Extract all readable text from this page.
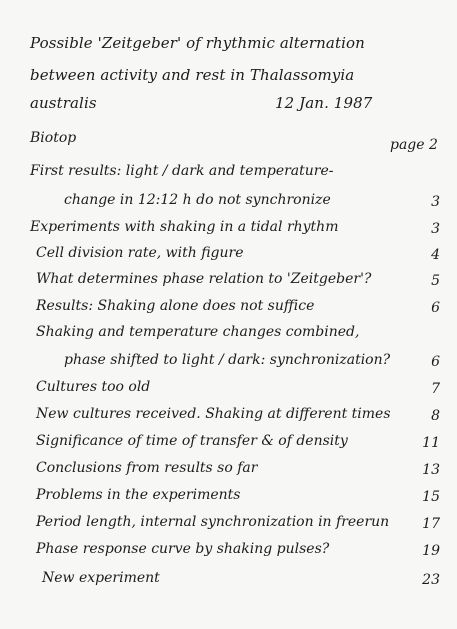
Possible 'Zeitgeber' of rhythmic alternation
between activity and rest in Thalassomyia
australis	12 Jan. 1987
Biotop	page 2
First results: light / dark and temperature-
change in 12:12 h do not synchronize	3
Experiments with shaking in a tidal rhythm	3
Cell division rate, with figure	4
What determines phase relation to 'Zeitgeber'?	5
Results: Shaking alone does not suffice	6
Shaking and temperature changes combined,
phase shifted to light / dark: synchronization?	6
Cultures too old	7
New cultures received. Shaking at different times	8
Significance of time of transfer & of density	11
Conclusions from results so far	13
Problems in the experiments	15
Period length, internal synchronization in freerun	17
Phase response curve by shaking pulses?	19
New experiment	23
